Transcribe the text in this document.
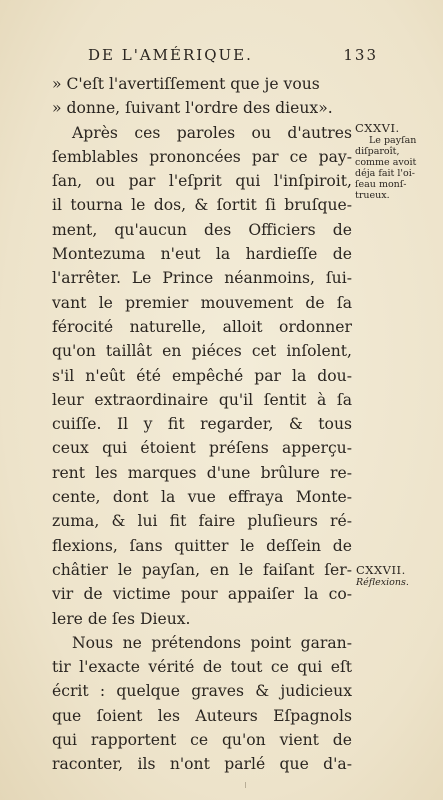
DE L'AMÉRIQUE.	133
» C'eſt l'avertiſſement que je vous
» donne, ſuivant l'ordre des dieux».
Après ces paroles ou d'autres
ſemblables prononcées par ce pay-
ſan, ou par l'eſprit qui l'inſpiroit,
il tourna le dos, & ſortit ſi bruſque-
ment, qu'aucun des Officiers de
Montezuma n'eut la hardieſſe de
l'arrêter. Le Prince néanmoins, ſui-
vant le premier mouvement de ſa
férocité naturelle, alloit ordonner
qu'on taillât en piéces cet inſolent,
s'il n'eût été empêché par la dou-
leur extraordinaire qu'il ſentit à ſa
cuiſſe. Il y fit regarder, & tous
ceux qui étoient préſens apperçu-
rent les marques d'une brûlure re-
cente, dont la vue effraya Monte-
zuma, & lui fit faire pluſieurs ré-
flexions, ſans quitter le deſſein de
châtier le payſan, en le faiſant ſer-
vir de victime pour appaiſer la co-
lere de ſes Dieux.
Nous ne prétendons point garan-
tir l'exacte vérité de tout ce qui eſt
écrit : quelque graves & judicieux
que ſoient les Auteurs Eſpagnols
qui rapportent ce qu'on vient de
raconter, ils n'ont parlé que d'a-
CXXVI.
Le payſan
diſparoît,
comme avoit
déja fait l'oi-
ſeau monſ-
trueux.
CXXVII.
Réflexions.
